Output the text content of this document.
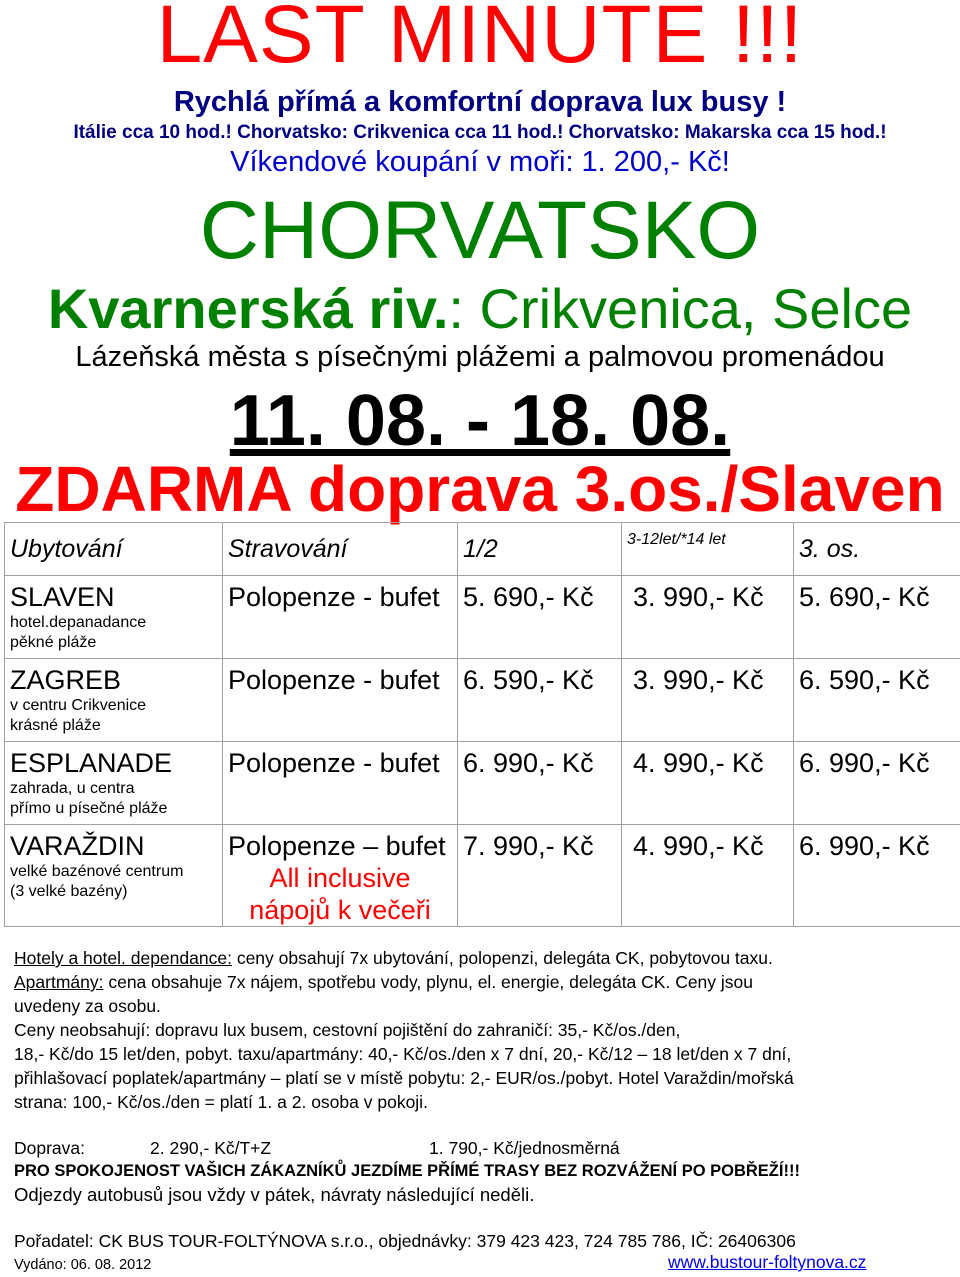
LAST MINUTE !!!
Rychlá přímá a komfortní doprava lux busy !
Itálie cca 10 hod.! Chorvatsko: Crikvenica cca 11 hod.! Chorvatsko: Makarska cca 15 hod.!
Víkendové koupání v moři: 1. 200,- Kč!
CHORVATSKO
Kvarnerská riv.: Crikvenica, Selce
Lázeňská města s písečnými plážemi a palmovou promenádou
11. 08. - 18. 08.
ZDARMA doprava 3.os./Slaven
Ubytování	Stravování	1/2	3-12let/*14 let	3. os.

SLAVEN
hotel.depanadance
pěkné pláže	Polopenze - bufet	5. 690,- Kč	3. 990,- Kč	5. 690,- Kč

ZAGREB
v centru Crikvenice
krásné pláže	Polopenze - bufet	6. 590,- Kč	3. 990,- Kč	6. 590,- Kč

ESPLANADE
zahrada, u centra
přímo u písečné pláže	Polopenze - bufet	6. 990,- Kč	4. 990,- Kč	6. 990,- Kč

VARAŽDIN
velké bazénové centrum
(3 velké bazény)	Polopenze – bufet
All inclusive
nápojů k večeři	7. 990,- Kč	4. 990,- Kč	6. 990,- Kč
Hotely a hotel. dependance: ceny obsahují 7x ubytování, polopenzi, delegáta CK, pobytovou taxu.
Apartmány: cena obsahuje 7x nájem, spotřebu vody, plynu, el. energie, delegáta CK. Ceny jsou
uvedeny za osobu.
Ceny neobsahují: dopravu lux busem, cestovní pojištění do zahraničí: 35,- Kč/os./den,
18,- Kč/do 15 let/den, pobyt. taxu/apartmány: 40,- Kč/os./den x 7 dní, 20,- Kč/12 – 18 let/den x 7 dní,
přihlašovací poplatek/apartmány – platí se v místě pobytu: 2,- EUR/os./pobyt. Hotel Varaždin/mořská
strana: 100,- Kč/os./den = platí 1. a 2. osoba v pokoji.
Doprava:	2. 290,- Kč/T+Z	1. 790,- Kč/jednosměrná
PRO SPOKOJENOST VAŠICH ZÁKAZNÍKŮ JEZDÍME PŘÍMÉ TRASY BEZ ROZVÁŽENÍ PO POBŘEŽÍ!!!
Odjezdy autobusů jsou vždy v pátek, návraty následující neděli.
Pořadatel: CK BUS TOUR-FOLTÝNOVA s.r.o., objednávky: 379 423 423, 724 785 786, IČ: 26406306
Vydáno: 06. 08. 2012	www.bustour-foltynova.cz
